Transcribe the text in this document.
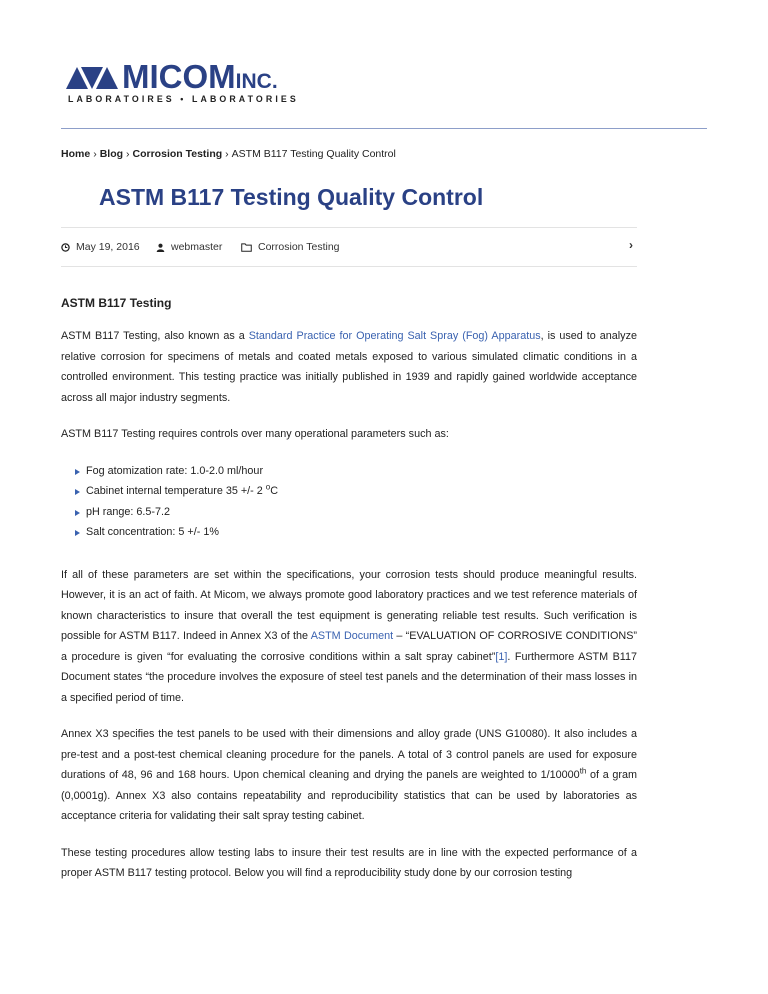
MICOMINC.
LABORATOIRES • LABORATORIES
Home › Blog › Corrosion Testing › ASTM B117 Testing Quality Control
ASTM B117 Testing Quality Control
May 19, 2016	webmaster	Corrosion Testing	›
ASTM B117 Testing

ASTM B117 Testing, also known as a Standard Practice for Operating Salt Spray (Fog) Apparatus, is used to analyze relative corrosion for specimens of metals and coated metals exposed to various simulated climatic conditions in a controlled environment. This testing practice was initially published in 1939 and rapidly gained worldwide acceptance across all major industry segments.

ASTM B117 Testing requires controls over many operational parameters such as:

Fog atomization rate: 1.0-2.0 ml/hour
Cabinet internal temperature 35 +/- 2 $^o$C
pH range: 6.5-7.2
Salt concentration: 5 +/- 1%

If all of these parameters are set within the specifications, your corrosion tests should produce meaningful results. However, it is an act of faith. At Micom, we always promote good laboratory practices and we test reference materials of known characteristics to insure that overall the test equipment is generating reliable test results. Such verification is possible for ASTM B117. Indeed in Annex X3 of the ASTM Document – “EVALUATION OF CORROSIVE CONDITIONS” a procedure is given “for evaluating the corrosive conditions within a salt spray cabinet”[1]. Furthermore ASTM B117 Document states “the procedure involves the exposure of steel test panels and the determination of their mass losses in a specified period of time.

Annex X3 specifies the test panels to be used with their dimensions and alloy grade (UNS G10080). It also includes a pre-test and a post-test chemical cleaning procedure for the panels. A total of 3 control panels are used for exposure durations of 48, 96 and 168 hours. Upon chemical cleaning and drying the panels are weighted to 1/10000th of a gram (0,0001g). Annex X3 also contains repeatability and reproducibility statistics that can be used by laboratories as acceptance criteria for validating their salt spray testing cabinet.

These testing procedures allow testing labs to insure their test results are in line with the expected performance of a proper ASTM B117 testing protocol. Below you will find a reproducibility study done by our corrosion testing
